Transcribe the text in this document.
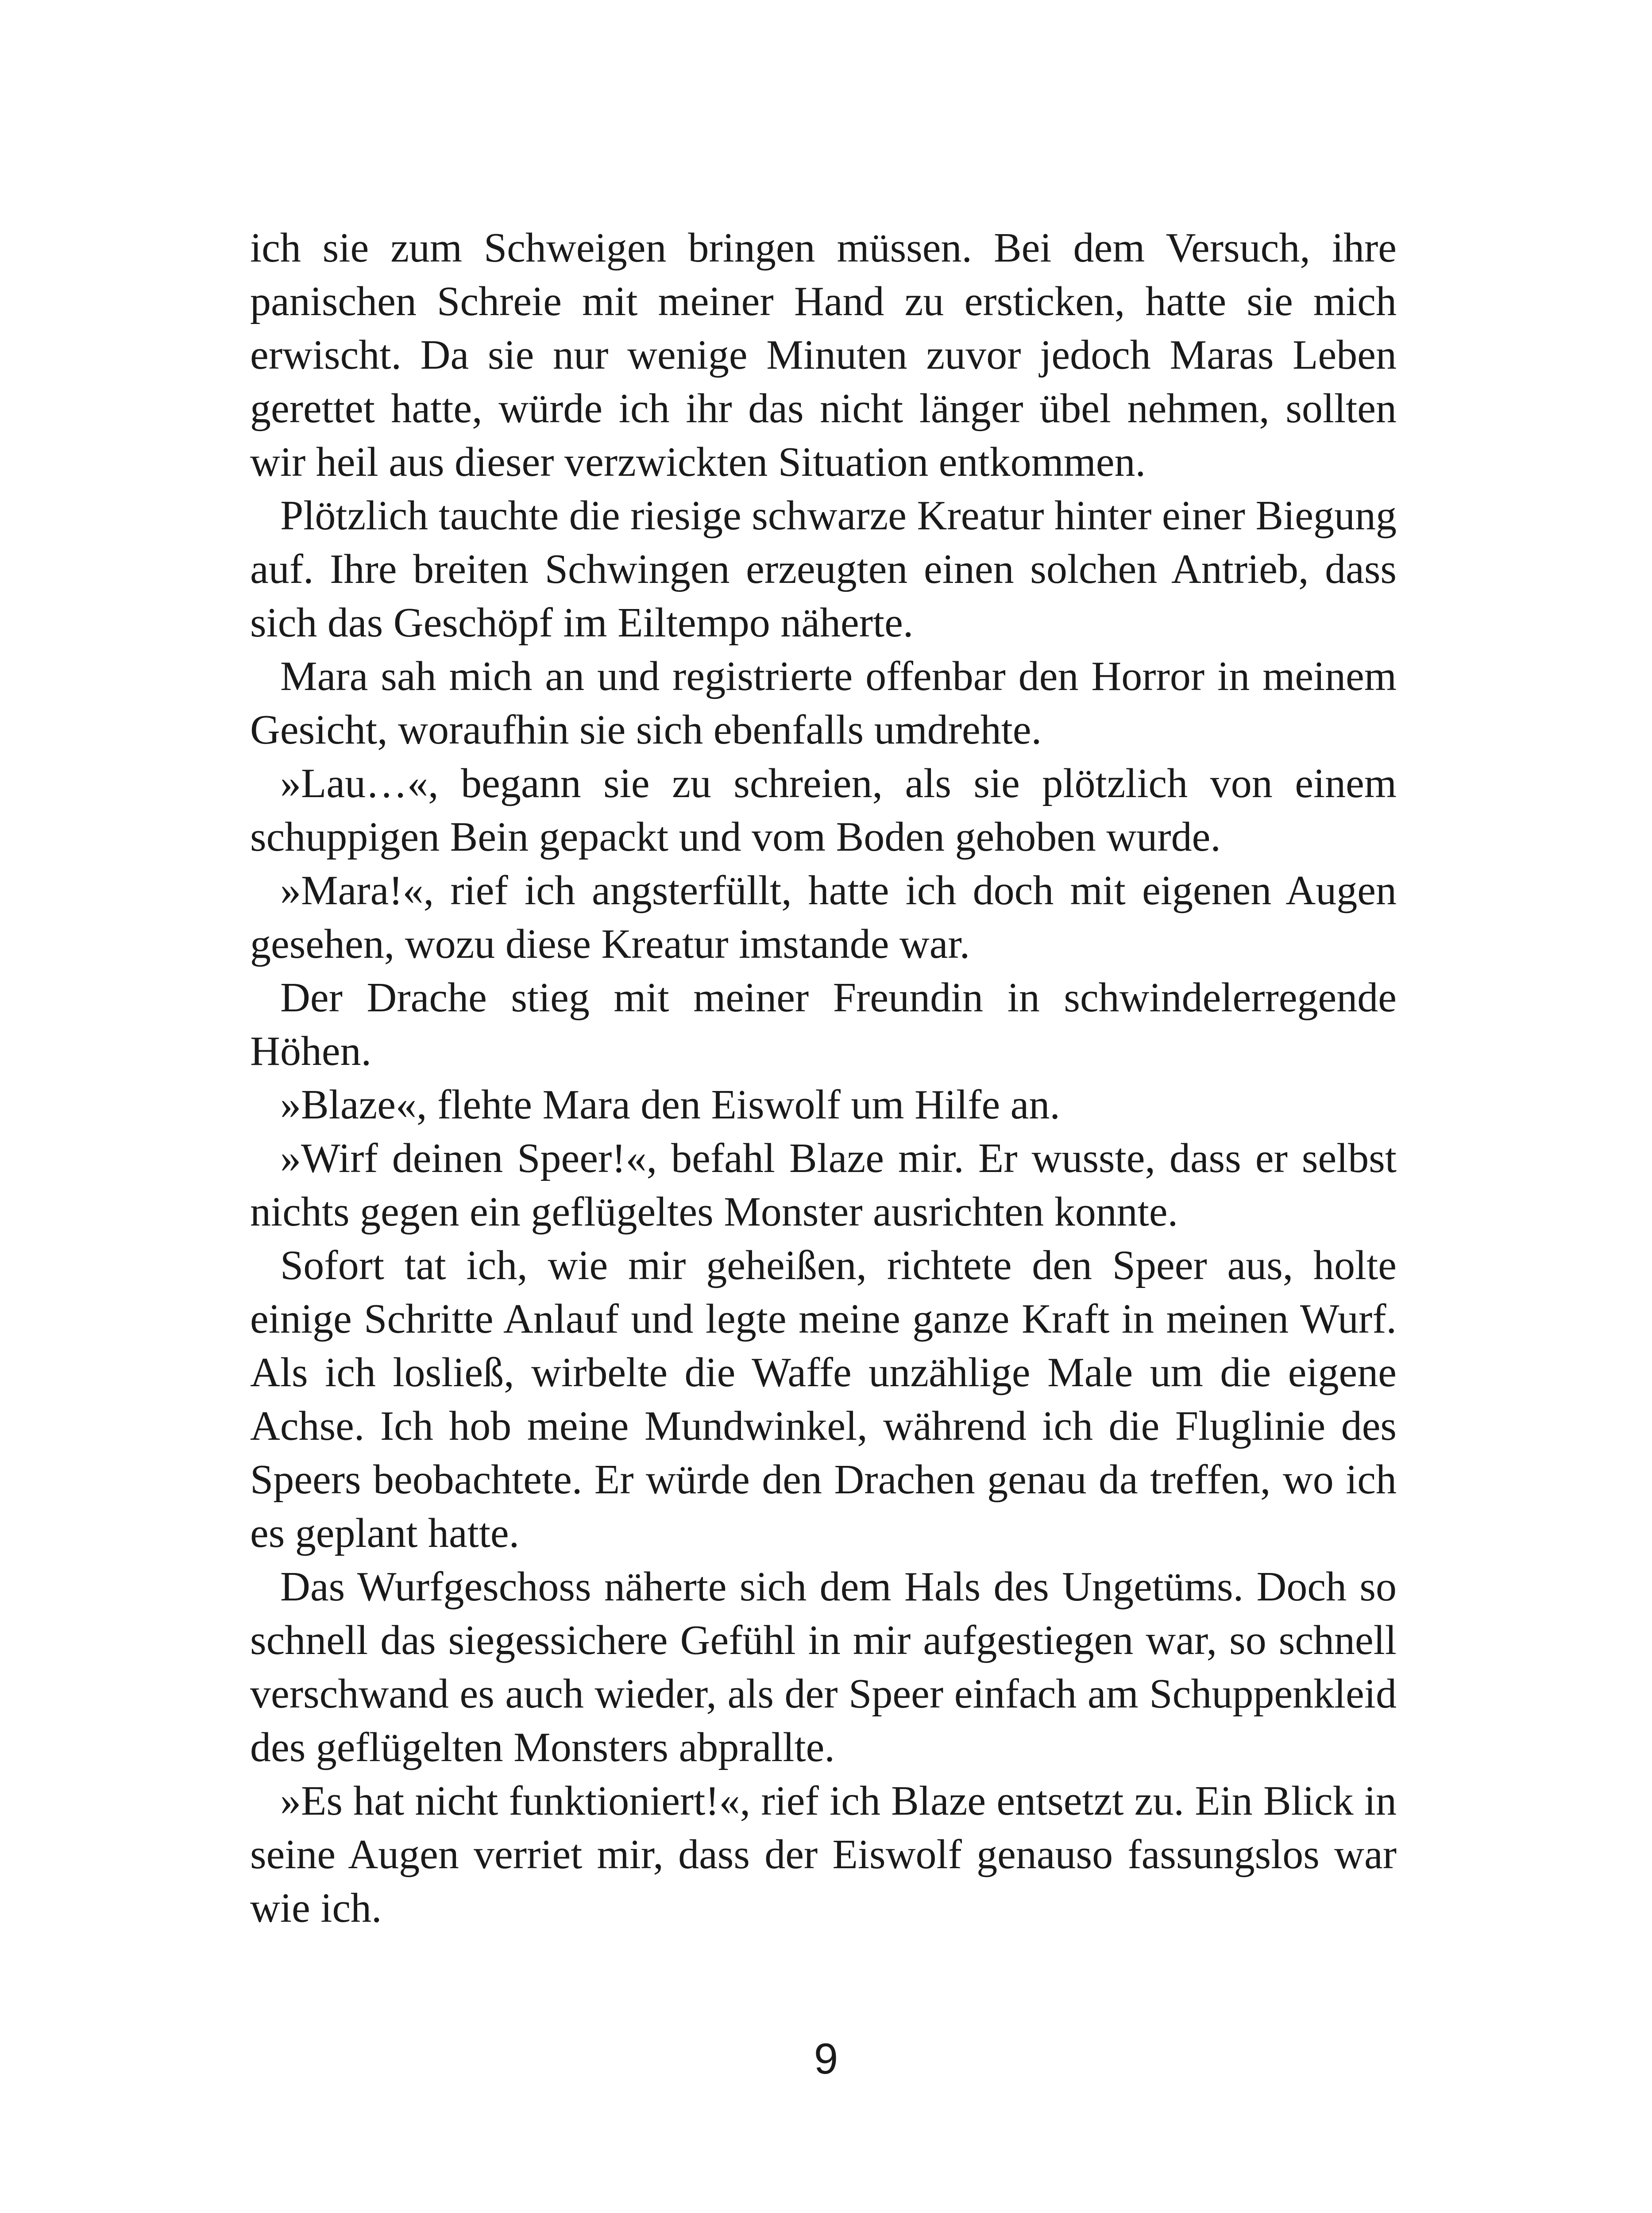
ich sie zum Schweigen bringen müssen. Bei dem Versuch, ihre panischen Schreie mit meiner Hand zu ersticken, hatte sie mich erwischt. Da sie nur wenige Minuten zuvor jedoch Maras Leben gerettet hatte, würde ich ihr das nicht länger übel nehmen, sollten wir heil aus dieser verzwickten Situation entkommen.

Plötzlich tauchte die riesige schwarze Kreatur hinter einer Biegung auf. Ihre breiten Schwingen erzeugten einen solchen Antrieb, dass sich das Geschöpf im Eiltempo näherte.

Mara sah mich an und registrierte offenbar den Horror in meinem Gesicht, woraufhin sie sich ebenfalls umdrehte.

»Lau…«, begann sie zu schreien, als sie plötzlich von einem schuppigen Bein gepackt und vom Boden gehoben wurde.

»Mara!«, rief ich angsterfüllt, hatte ich doch mit eigenen Augen gesehen, wozu diese Kreatur imstande war.

Der Drache stieg mit meiner Freundin in schwindelerregende Höhen.

»Blaze«, flehte Mara den Eiswolf um Hilfe an.

»Wirf deinen Speer!«, befahl Blaze mir. Er wusste, dass er selbst nichts gegen ein geflügeltes Monster ausrichten konnte.

Sofort tat ich, wie mir geheißen, richtete den Speer aus, holte einige Schritte Anlauf und legte meine ganze Kraft in meinen Wurf. Als ich losließ, wirbelte die Waffe unzählige Male um die eigene Achse. Ich hob meine Mundwinkel, während ich die Fluglinie des Speers beobachtete. Er würde den Drachen genau da treffen, wo ich es geplant hatte.

Das Wurfgeschoss näherte sich dem Hals des Ungetüms. Doch so schnell das siegessichere Gefühl in mir aufgestiegen war, so schnell verschwand es auch wieder, als der Speer einfach am Schuppenkleid des geflügelten Monsters abprallte.

»Es hat nicht funktioniert!«, rief ich Blaze entsetzt zu. Ein Blick in seine Augen verriet mir, dass der Eiswolf genauso fassungslos war wie ich.

9
